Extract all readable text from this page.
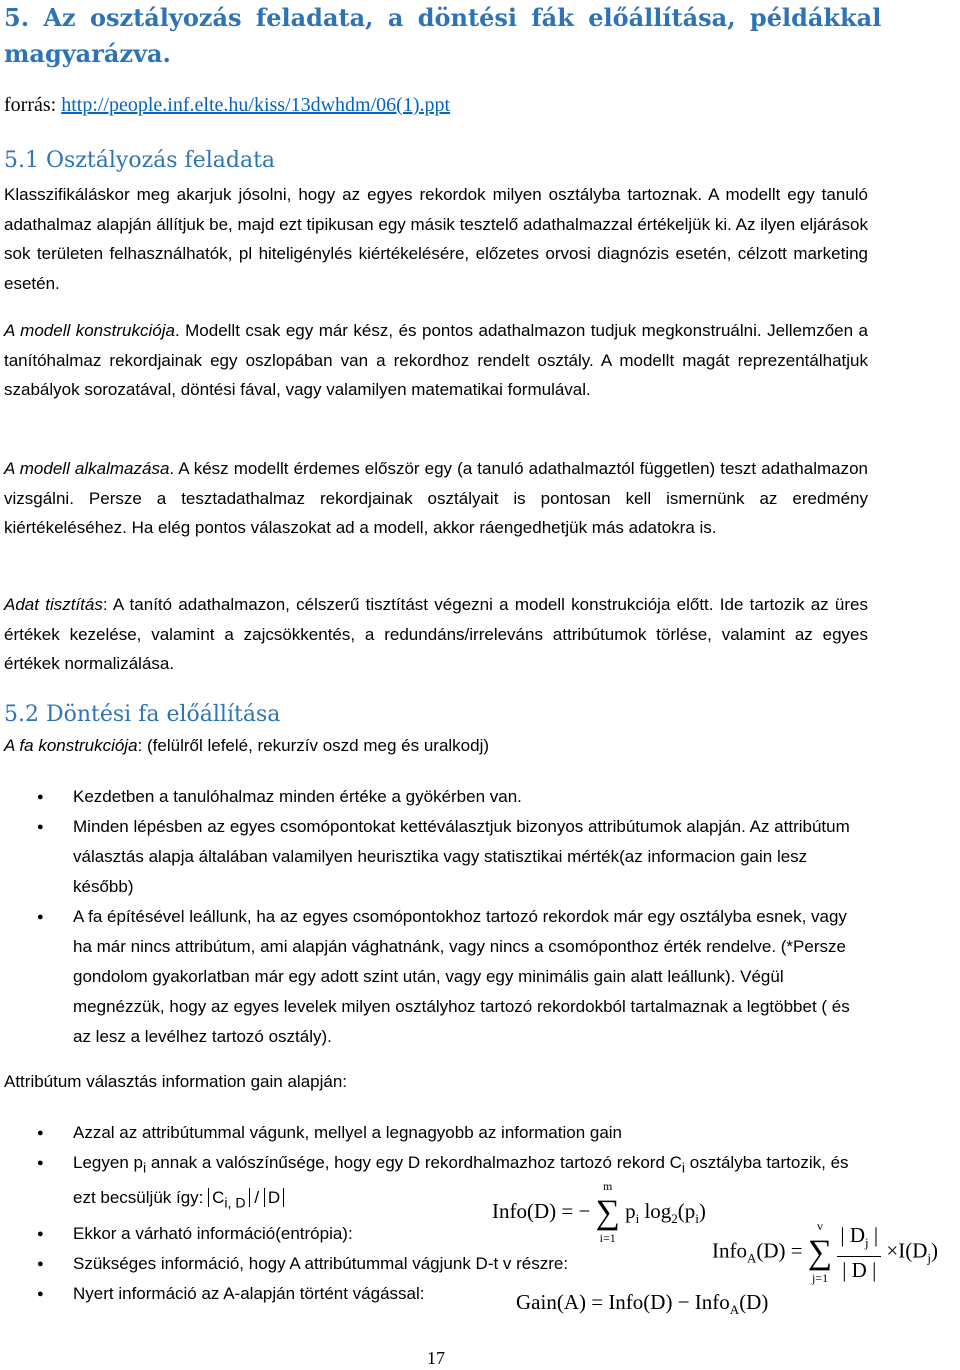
5. Az osztályozás feladata, a döntési fák előállítása, példákkal magyarázva.
forrás: http://people.inf.elte.hu/kiss/13dwhdm/06(1).ppt
5.1 Osztályozás feladata

Klasszifikáláskor meg akarjuk jósolni, hogy az egyes rekordok milyen osztályba tartoznak. A modellt egy tanuló adathalmaz alapján állítjuk be, majd ezt tipikusan egy másik tesztelő adathalmazzal értékeljük ki. Az ilyen eljárások sok területen felhasználhatók, pl hiteligénylés kiértékelésére, előzetes orvosi diagnózis esetén, célzott marketing esetén.

A modell konstrukciója. Modellt csak egy már kész, és pontos adathalmazon tudjuk megkonstruálni. Jellemzően a tanítóhalmaz rekordjainak egy oszlopában van a rekordhoz rendelt osztály. A modellt magát reprezentálhatjuk szabályok sorozatával, döntési fával, vagy valamilyen matematikai formulával.

A modell alkalmazása. A kész modellt érdemes először egy (a tanuló adathalmaztól független) teszt adathalmazon vizsgálni. Persze a tesztadathalmaz rekordjainak osztályait is pontosan kell ismernünk az eredmény kiértékeléséhez. Ha elég pontos válaszokat ad a modell, akkor ráengedhetjük más adatokra is.

Adat tisztítás: A tanító adathalmazon, célszerű tisztítást végezni a modell konstrukciója előtt. Ide tartozik az üres értékek kezelése, valamint a zajcsökkentés, a redundáns/irreleváns attribútumok törlése, valamint az egyes értékek normalizálása.

5.2 Döntési fa előállítása

A fa konstrukciója: (felülről lefelé, rekurzív oszd meg és uralkodj)

● Kezdetben a tanulóhalmaz minden értéke a gyökérben van.
● Minden lépésben az egyes csomópontokat kettéválasztjuk bizonyos attribútumok alapján. Az attribútum választás alapja általában valamilyen heurisztika vagy statisztikai mérték(az informacion gain lesz később)
● A fa építésével leállunk, ha az egyes csomópontokhoz tartozó rekordok már egy osztályba esnek, vagy ha már nincs attribútum, ami alapján vághatnánk, vagy nincs a csomóponthoz érték rendelve. (*Persze gondolom gyakorlatban már egy adott szint után, vagy egy minimális gain alatt leállunk). Végül megnézzük, hogy az egyes levelek milyen osztályhoz tartozó rekordokból tartalmaznak a legtöbbet ( és az lesz a levélhez tartozó osztály).

Attribútum választás information gain alapján:

● Azzal az attribútummal vágunk, mellyel a legnagyobb az information gain
● Legyen $p_i$ annak a valószínűsége, hogy egy D rekordhalmazhoz tartozó rekord $C_i$ osztályba tartozik, és ezt becsüljük így: $C_{i, D}$ / D
● Ekkor a várható információ(entrópia):
● Szükséges információ, hogy A attribútummal vágjunk D-t v részre:
● Nyert információ az A-alapján történt vágással:
Info(D) = − ∑
m
i=1
$p_i$ $\log_2(p_i)$
Info$_A$(D) = ∑
v
j=1
$\frac{| D_j |}{| D |} \times I(D_j)$
Gain(A) = Info(D) − Info$_A$(D)
17
